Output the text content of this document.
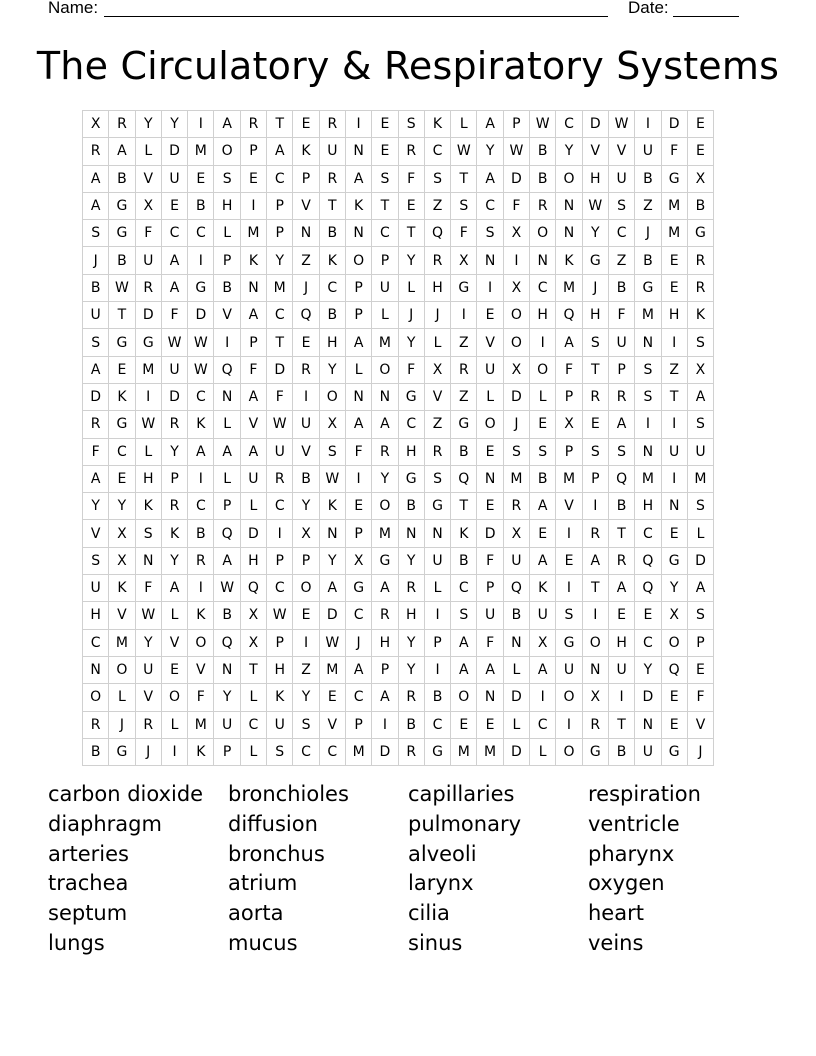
Name:	Date:
The Circulatory & Respiratory Systems
X	R	Y	Y	I	A	R	T	E	R	I	E	S	K	L	A	P	W	C	D	W	I	D	E
R	A	L	D	M	O	P	A	K	U	N	E	R	C	W	Y	W	B	Y	V	V	U	F	E
A	B	V	U	E	S	E	C	P	R	A	S	F	S	T	A	D	B	O	H	U	B	G	X
A	G	X	E	B	H	I	P	V	T	K	T	E	Z	S	C	F	R	N	W	S	Z	M	B
S	G	F	C	C	L	M	P	N	B	N	C	T	Q	F	S	X	O	N	Y	C	J	M	G
J	B	U	A	I	P	K	Y	Z	K	O	P	Y	R	X	N	I	N	K	G	Z	B	E	R
B	W	R	A	G	B	N	M	J	C	P	U	L	H	G	I	X	C	M	J	B	G	E	R
U	T	D	F	D	V	A	C	Q	B	P	L	J	J	I	E	O	H	Q	H	F	M	H	K
S	G	G	W	W	I	P	T	E	H	A	M	Y	L	Z	V	O	I	A	S	U	N	I	S
A	E	M	U	W	Q	F	D	R	Y	L	O	F	X	R	U	X	O	F	T	P	S	Z	X
D	K	I	D	C	N	A	F	I	O	N	N	G	V	Z	L	D	L	P	R	R	S	T	A
R	G	W	R	K	L	V	W	U	X	A	A	C	Z	G	O	J	E	X	E	A	I	I	S
F	C	L	Y	A	A	A	U	V	S	F	R	H	R	B	E	S	S	P	S	S	N	U	U
A	E	H	P	I	L	U	R	B	W	I	Y	G	S	Q	N	M	B	M	P	Q	M	I	M
Y	Y	K	R	C	P	L	C	Y	K	E	O	B	G	T	E	R	A	V	I	B	H	N	S
V	X	S	K	B	Q	D	I	X	N	P	M	N	N	K	D	X	E	I	R	T	C	E	L
S	X	N	Y	R	A	H	P	P	Y	X	G	Y	U	B	F	U	A	E	A	R	Q	G	D
U	K	F	A	I	W	Q	C	O	A	G	A	R	L	C	P	Q	K	I	T	A	Q	Y	A
H	V	W	L	K	B	X	W	E	D	C	R	H	I	S	U	B	U	S	I	E	E	X	S
C	M	Y	V	O	Q	X	P	I	W	J	H	Y	P	A	F	N	X	G	O	H	C	O	P
N	O	U	E	V	N	T	H	Z	M	A	P	Y	I	A	A	L	A	U	N	U	Y	Q	E
O	L	V	O	F	Y	L	K	Y	E	C	A	R	B	O	N	D	I	O	X	I	D	E	F
R	J	R	L	M	U	C	U	S	V	P	I	B	C	E	E	L	C	I	R	T	N	E	V
B	G	J	I	K	P	L	S	C	C	M	D	R	G	M	M	D	L	O	G	B	U	G	J
carbon dioxide	bronchioles	capillaries	respiration
diaphragm	diffusion	pulmonary	ventricle
arteries	bronchus	alveoli	pharynx
trachea	atrium	larynx	oxygen
septum	aorta	cilia	heart
lungs	mucus	sinus	veins
